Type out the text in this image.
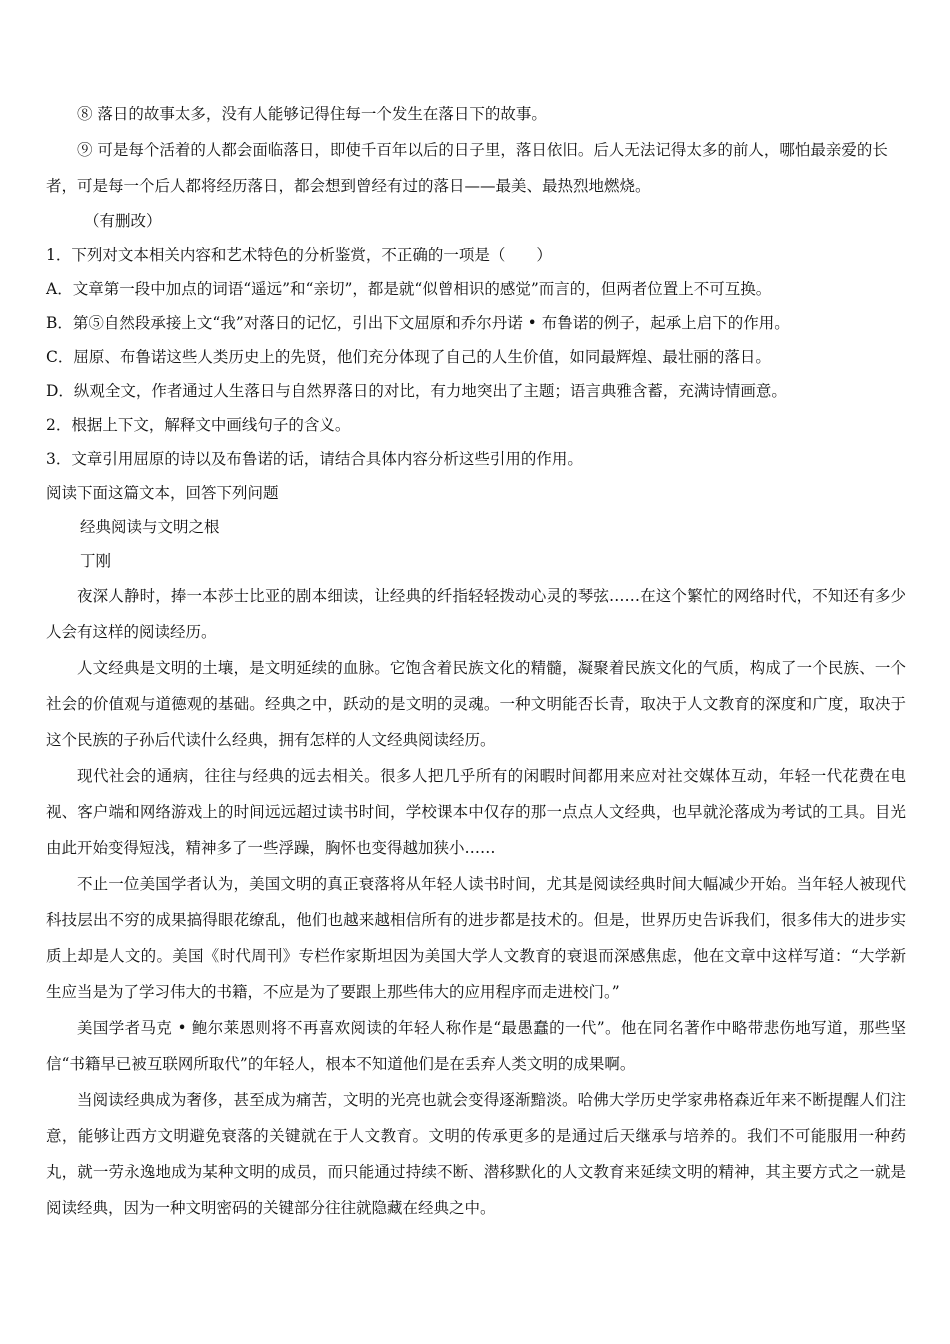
⑧ 落日的故事太多，没有人能够记得住每一个发生在落日下的故事。

⑨ 可是每个活着的人都会面临落日，即使千百年以后的日子里，落日依旧。后人无法记得太多的前人，哪怕最亲爱的长者，可是每一个后人都将经历落日，都会想到曾经有过的落日——最美、最热烈地燃烧。

（有删改）

1．下列对文本相关内容和艺术特色的分析鉴赏，不正确的一项是（　　）

A．文章第一段中加点的词语“遥远”和“亲切”，都是就“似曾相识的感觉”而言的，但两者位置上不可互换。

B．第⑤自然段承接上文“我”对落日的记忆，引出下文屈原和乔尔丹诺 • 布鲁诺的例子，起承上启下的作用。

C．屈原、布鲁诺这些人类历史上的先贤，他们充分体现了自己的人生价值，如同最辉煌、最壮丽的落日。

D．纵观全文，作者通过人生落日与自然界落日的对比，有力地突出了主题；语言典雅含蓄，充满诗情画意。

2．根据上下文，解释文中画线句子的含义。

3．文章引用屈原的诗以及布鲁诺的话，请结合具体内容分析这些引用的作用。

阅读下面这篇文本，回答下列问题

经典阅读与文明之根

丁刚

夜深人静时，捧一本莎士比亚的剧本细读，让经典的纤指轻轻拨动心灵的琴弦……在这个繁忙的网络时代，不知还有多少人会有这样的阅读经历。

人文经典是文明的土壤，是文明延续的血脉。它饱含着民族文化的精髓，凝聚着民族文化的气质，构成了一个民族、一个社会的价值观与道德观的基础。经典之中，跃动的是文明的灵魂。一种文明能否长青，取决于人文教育的深度和广度，取决于这个民族的子孙后代读什么经典，拥有怎样的人文经典阅读经历。

现代社会的通病，往往与经典的远去相关。很多人把几乎所有的闲暇时间都用来应对社交媒体互动，年轻一代花费在电视、客户端和网络游戏上的时间远远超过读书时间，学校课本中仅存的那一点点人文经典，也早就沦落成为考试的工具。目光由此开始变得短浅，精神多了一些浮躁，胸怀也变得越加狭小……

不止一位美国学者认为，美国文明的真正衰落将从年轻人读书时间，尤其是阅读经典时间大幅减少开始。当年轻人被现代科技层出不穷的成果搞得眼花缭乱，他们也越来越相信所有的进步都是技术的。但是，世界历史告诉我们，很多伟大的进步实质上却是人文的。美国《时代周刊》专栏作家斯坦因为美国大学人文教育的衰退而深感焦虑，他在文章中这样写道：“大学新生应当是为了学习伟大的书籍，不应是为了要跟上那些伟大的应用程序而走进校门。”

美国学者马克 • 鲍尔莱恩则将不再喜欢阅读的年轻人称作是“最愚蠢的一代”。他在同名著作中略带悲伤地写道，那些坚信“书籍早已被互联网所取代”的年轻人，根本不知道他们是在丢弃人类文明的成果啊。

当阅读经典成为奢侈，甚至成为痛苦，文明的光亮也就会变得逐渐黯淡。哈佛大学历史学家弗格森近年来不断提醒人们注意，能够让西方文明避免衰落的关键就在于人文教育。文明的传承更多的是通过后天继承与培养的。我们不可能服用一种药丸，就一劳永逸地成为某种文明的成员，而只能通过持续不断、潜移默化的人文教育来延续文明的精神，其主要方式之一就是阅读经典，因为一种文明密码的关键部分往往就隐藏在经典之中。
